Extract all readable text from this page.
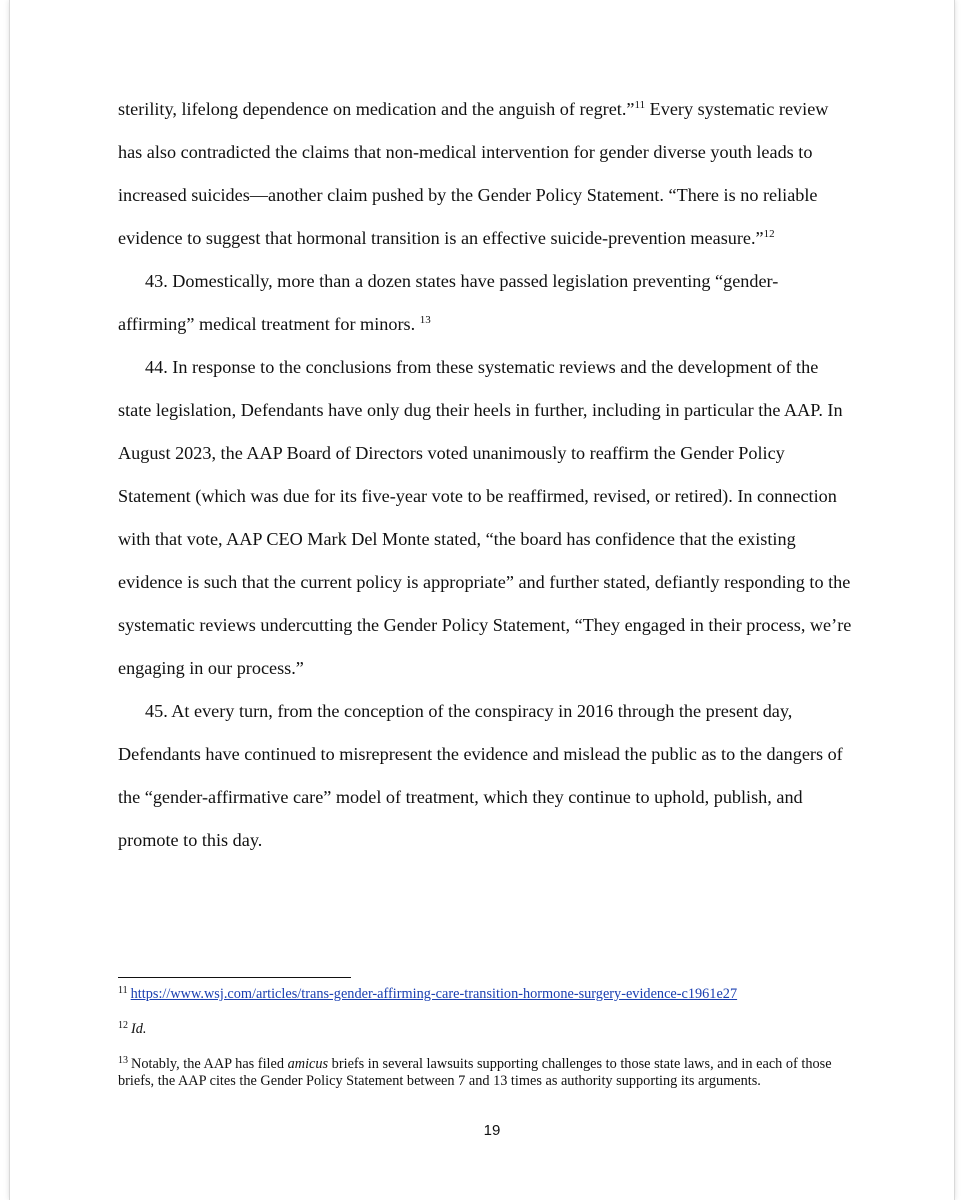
sterility, lifelong dependence on medication and the anguish of regret.”$^{11}$ Every systematic review has also contradicted the claims that non-medical intervention for gender diverse youth leads to increased suicides—another claim pushed by the Gender Policy Statement. “There is no reliable evidence to suggest that hormonal transition is an effective suicide-prevention measure.”$^{12}$

43. Domestically, more than a dozen states have passed legislation preventing “gender-affirming” medical treatment for minors. $^{13}$

44. In response to the conclusions from these systematic reviews and the development of the state legislation, Defendants have only dug their heels in further, including in particular the AAP. In August 2023, the AAP Board of Directors voted unanimously to reaffirm the Gender Policy Statement (which was due for its five-year vote to be reaffirmed, revised, or retired). In connection with that vote, AAP CEO Mark Del Monte stated, “the board has confidence that the existing evidence is such that the current policy is appropriate” and further stated, defiantly responding to the systematic reviews undercutting the Gender Policy Statement, “They engaged in their process, we’re engaging in our process.”

45. At every turn, from the conception of the conspiracy in 2016 through the present day, Defendants have continued to misrepresent the evidence and mislead the public as to the dangers of the “gender-affirmative care” model of treatment, which they continue to uphold, publish, and promote to this day.

$^{11}$ https://www.wsj.com/articles/trans-gender-affirming-care-transition-hormone-surgery-evidence-c1961e27

$^{12}$ Id.

$^{13}$ Notably, the AAP has filed amicus briefs in several lawsuits supporting challenges to those state laws, and in each of those briefs, the AAP cites the Gender Policy Statement between 7 and 13 times as authority supporting its arguments.

19
